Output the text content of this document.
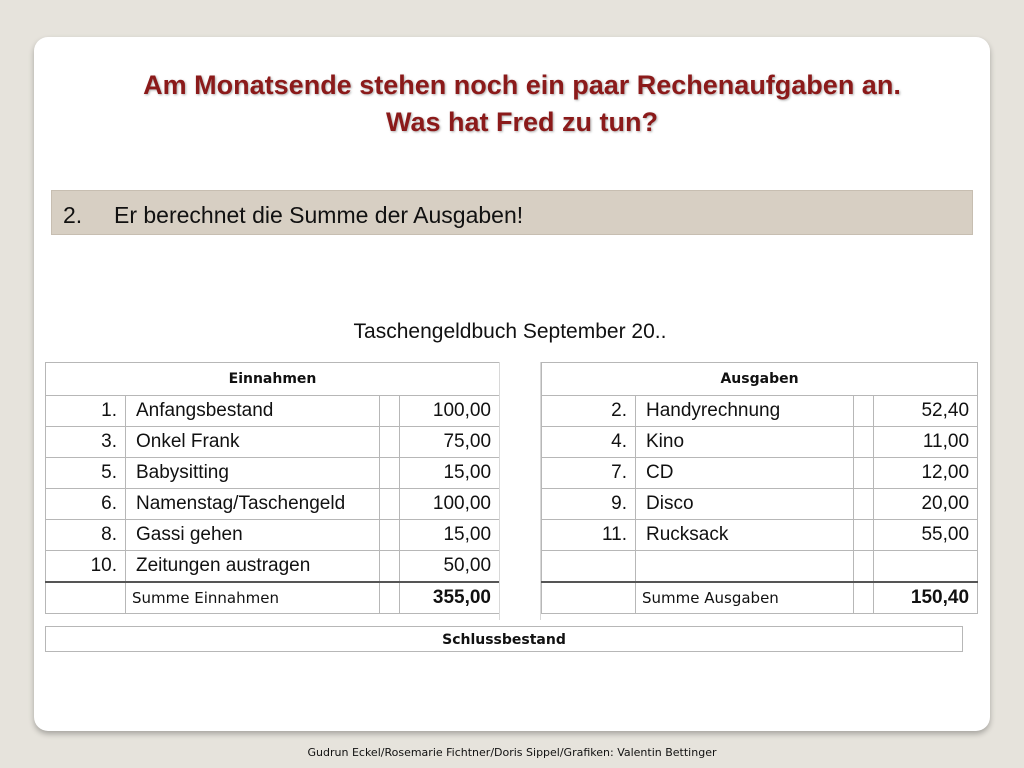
Am Monatsende stehen noch ein paar Rechenaufgaben an.
Was hat Fred zu tun?
2. Er berechnet die Summe der Ausgaben!
Taschengeldbuch September 20..
Einnahmen			
1.	Anfangsbestand		100,00
3.	Onkel Frank		75,00
5.	Babysitting		15,00
6.	Namenstag/Taschengeld		100,00
8.	Gassi gehen		15,00
10.	Zeitungen austragen		50,00
	Summe Einnahmen		355,00
Ausgaben			
2.	Handyrechnung		52,40
4.	Kino		11,00
7.	CD		12,00
9.	Disco		20,00
11.	Rucksack		55,00

	Summe Ausgaben		150,40
Schlussbestand
Gudrun Eckel/Rosemarie Fichtner/Doris Sippel/Grafiken: Valentin Bettinger
